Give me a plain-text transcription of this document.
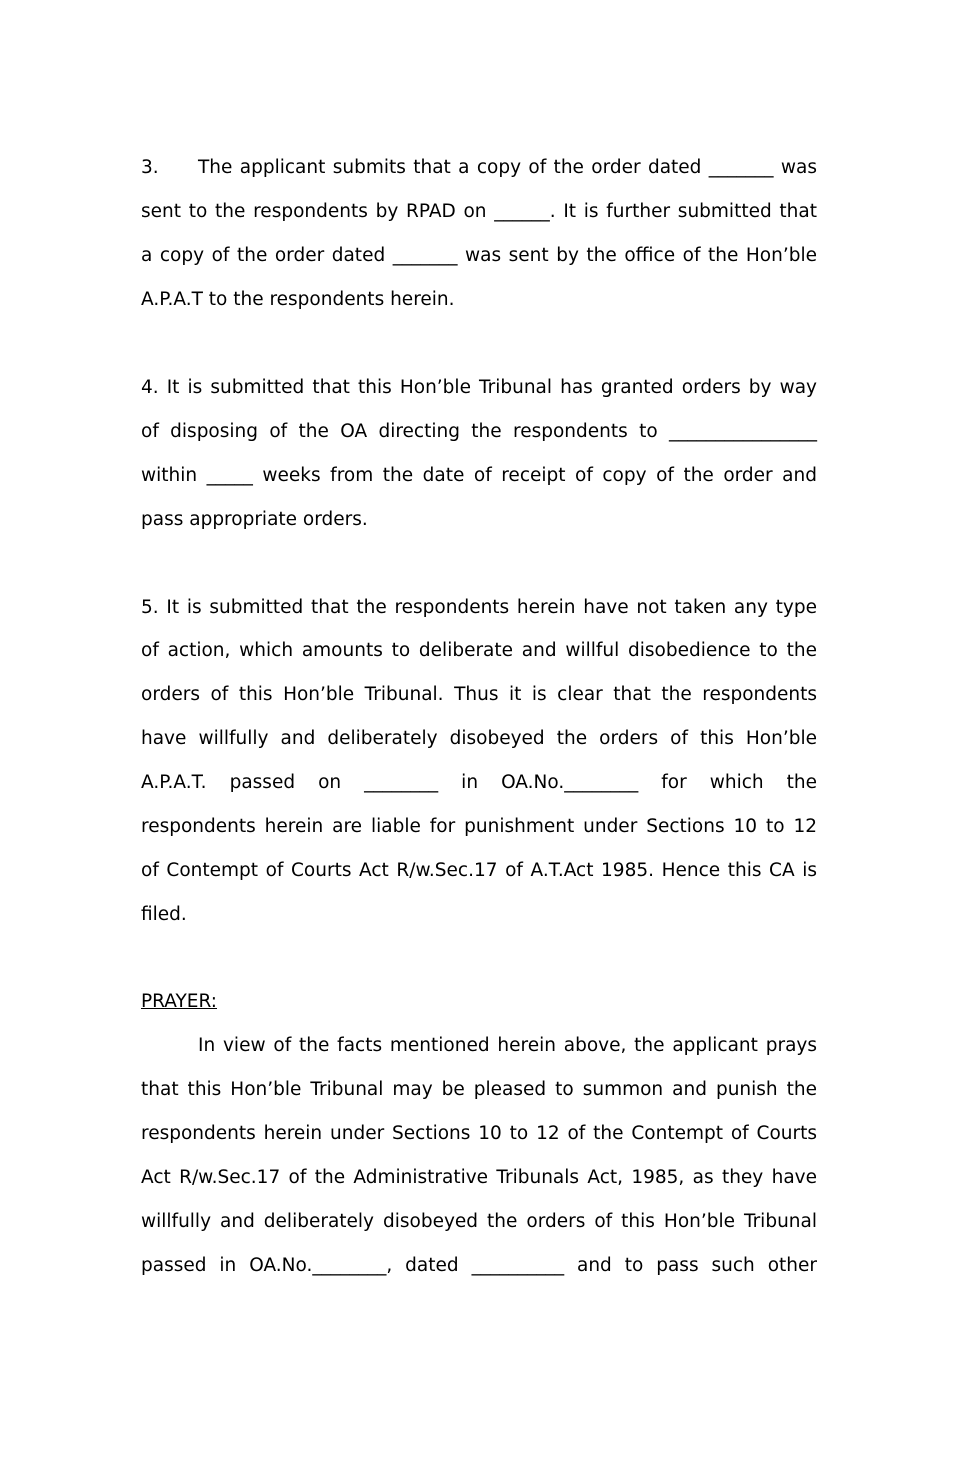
3. The applicant submits that a copy of the order dated _______ was
sent to the respondents by RPAD on ______. It is further submitted that
a copy of the order dated _______ was sent by the office of the Hon’ble
A.P.A.T to the respondents herein.
4. It is submitted that this Hon’ble Tribunal has granted orders by way
of disposing of the OA directing the respondents to ________________
within _____ weeks from the date of receipt of copy of the order and
pass appropriate orders.
5. It is submitted that the respondents herein have not taken any type
of action, which amounts to deliberate and willful disobedience to the
orders of this Hon’ble Tribunal. Thus it is clear that the respondents
have willfully and deliberately disobeyed the orders of this Hon’ble
A.P.A.T. passed on ________ in OA.No.________ for which the
respondents herein are liable for punishment under Sections 10 to 12
of Contempt of Courts Act R/w.Sec.17 of A.T.Act 1985. Hence this CA is
filed.
PRAYER:
In view of the facts mentioned herein above, the applicant prays
that this Hon’ble Tribunal may be pleased to summon and punish the
respondents herein under Sections 10 to 12 of the Contempt of Courts
Act R/w.Sec.17 of the Administrative Tribunals Act, 1985, as they have
willfully and deliberately disobeyed the orders of this Hon’ble Tribunal
passed in OA.No.________, dated __________ and to pass such other
